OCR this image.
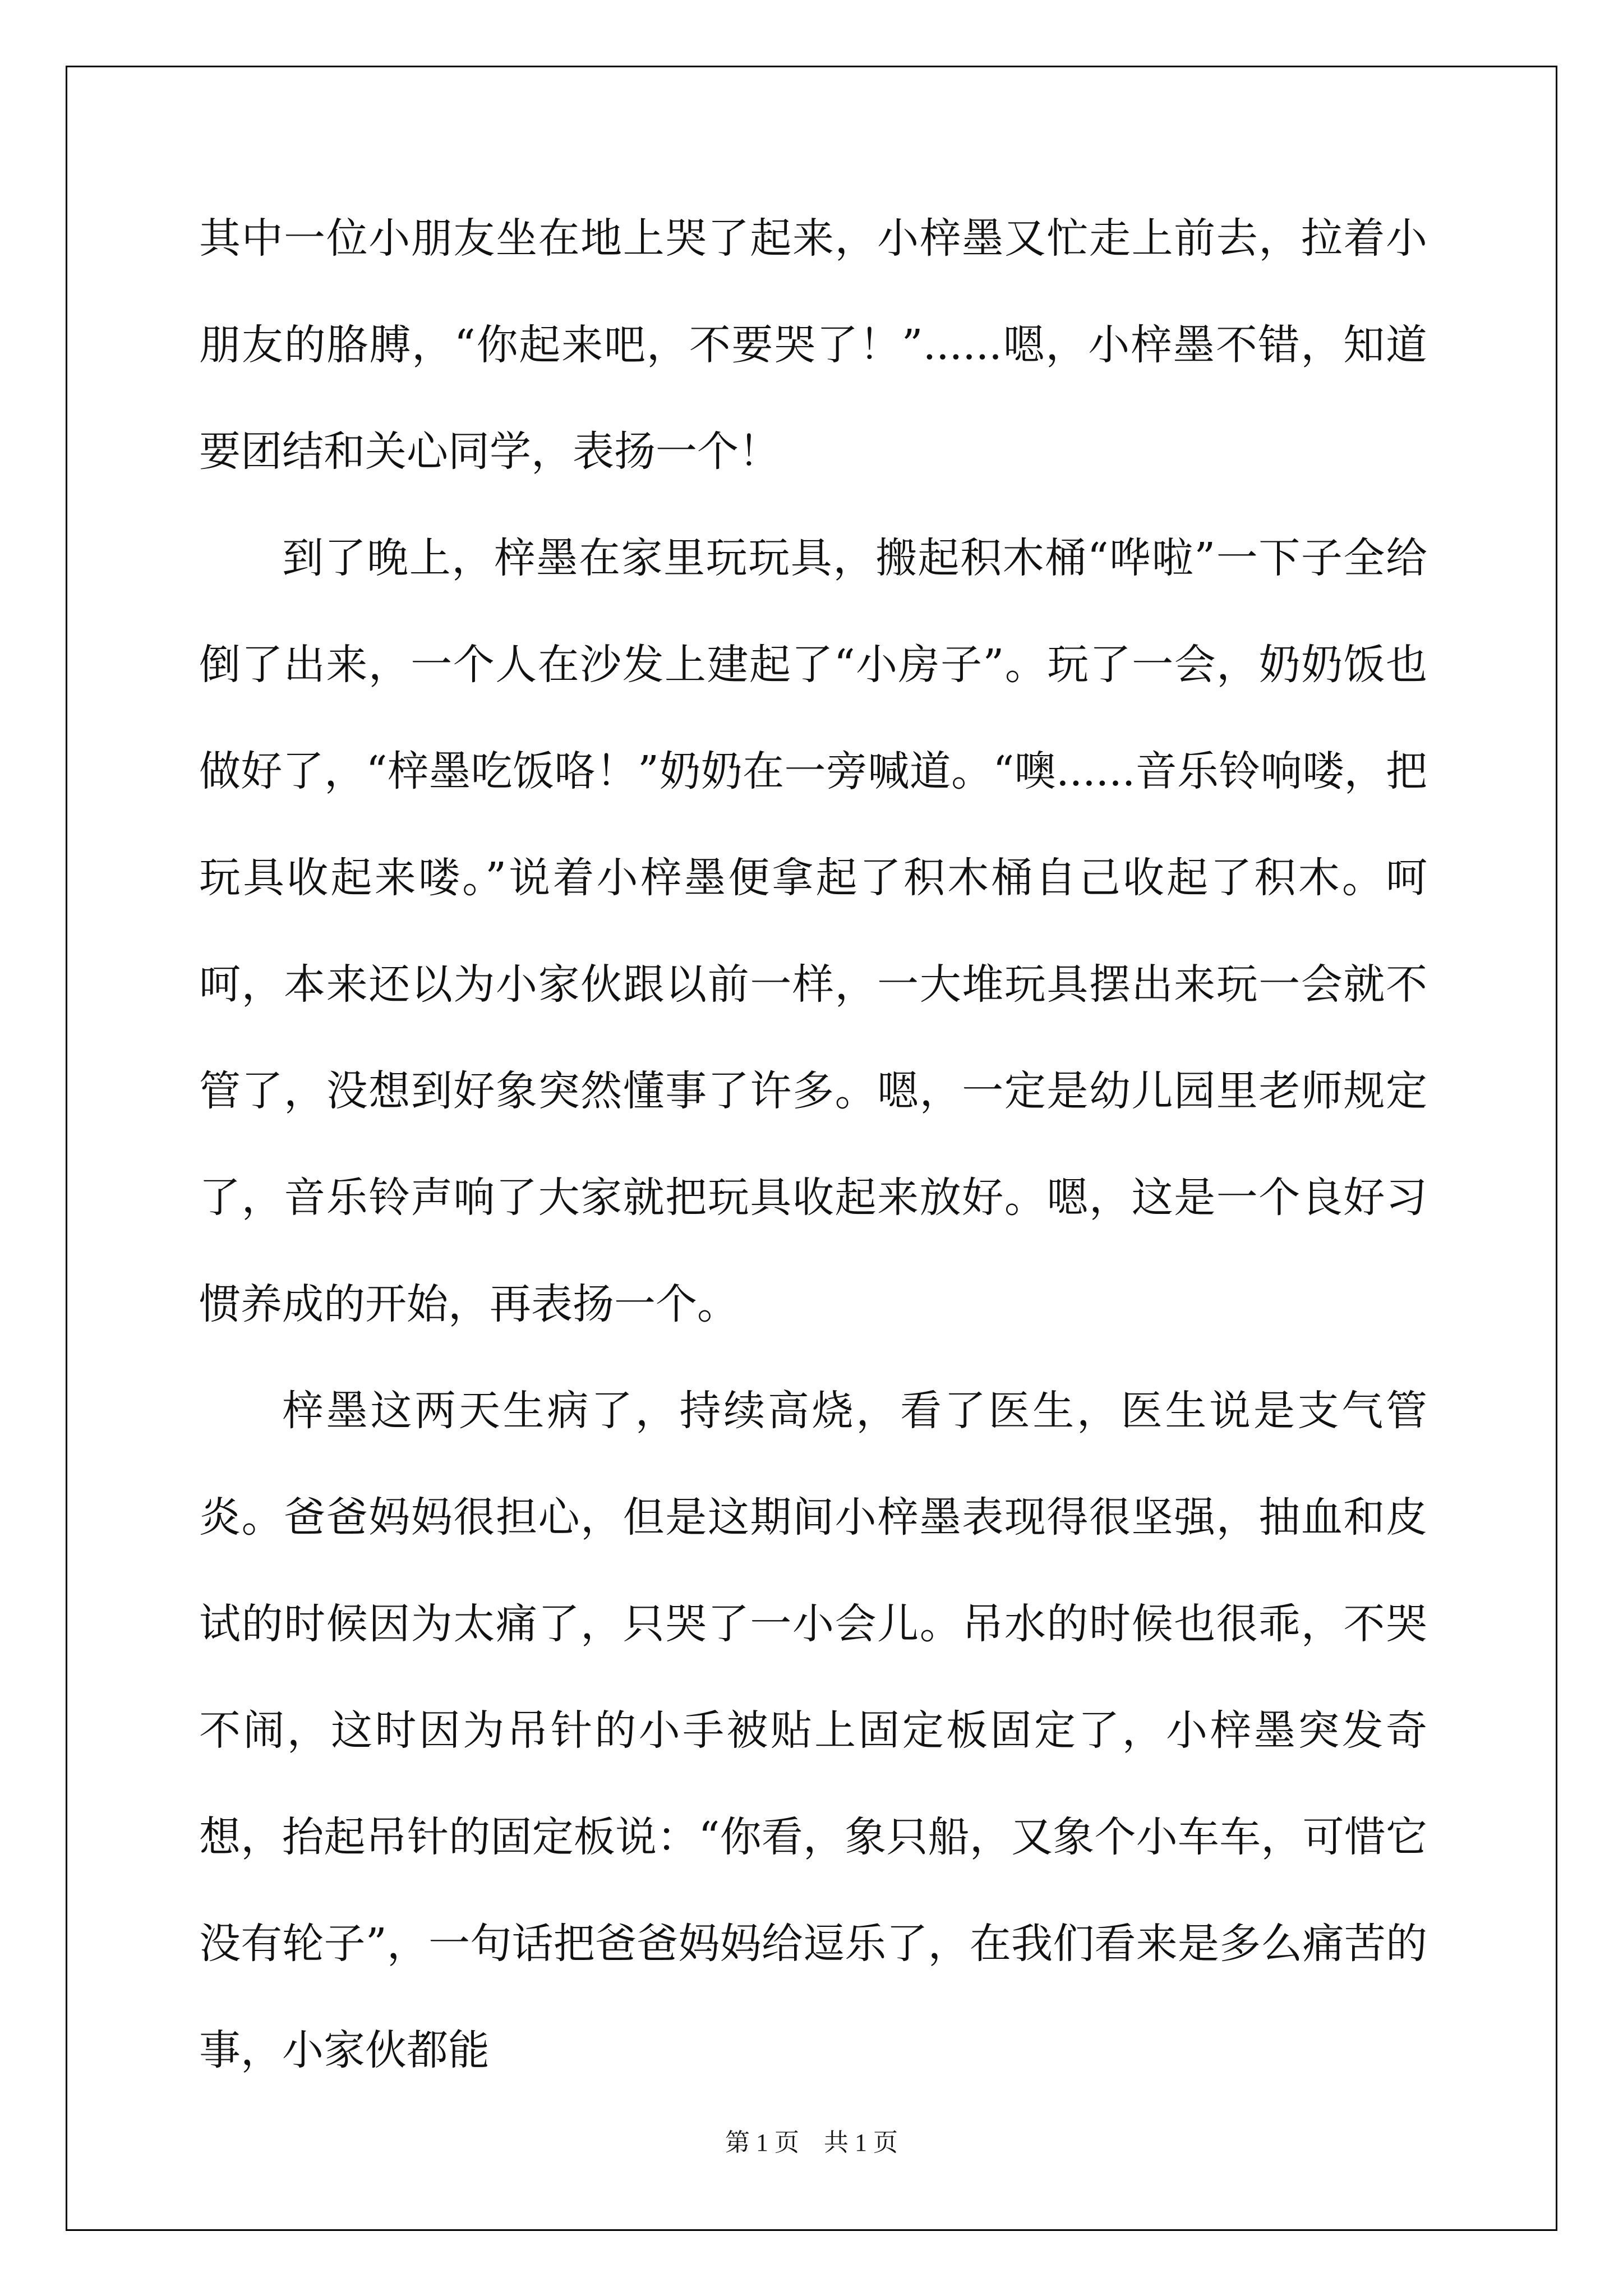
其中一位小朋友坐在地上哭了起来，小梓墨又忙走上前去，拉着小朋友的胳膊，“你起来吧，不要哭了！”......嗯，小梓墨不错，知道要团结和关心同学，表扬一个！

到了晚上，梓墨在家里玩玩具，搬起积木桶“哗啦”一下子全给倒了出来，一个人在沙发上建起了“小房子”。玩了一会，奶奶饭也做好了，“梓墨吃饭咯！”奶奶在一旁喊道。“噢......音乐铃响喽，把玩具收起来喽。”说着小梓墨便拿起了积木桶自己收起了积木。呵呵，本来还以为小家伙跟以前一样，一大堆玩具摆出来玩一会就不管了，没想到好象突然懂事了许多。嗯，一定是幼儿园里老师规定了，音乐铃声响了大家就把玩具收起来放好。嗯，这是一个良好习惯养成的开始，再表扬一个。

梓墨这两天生病了，持续高烧，看了医生，医生说是支气管炎。爸爸妈妈很担心，但是这期间小梓墨表现得很坚强，抽血和皮试的时候因为太痛了，只哭了一小会儿。吊水的时候也很乖，不哭不闹，这时因为吊针的小手被贴上固定板固定了，小梓墨突发奇想，抬起吊针的固定板说：“你看，象只船，又象个小车车，可惜它没有轮子”，一句话把爸爸妈妈给逗乐了，在我们看来是多么痛苦的事，小家伙都能

第 1 页 共 1 页
